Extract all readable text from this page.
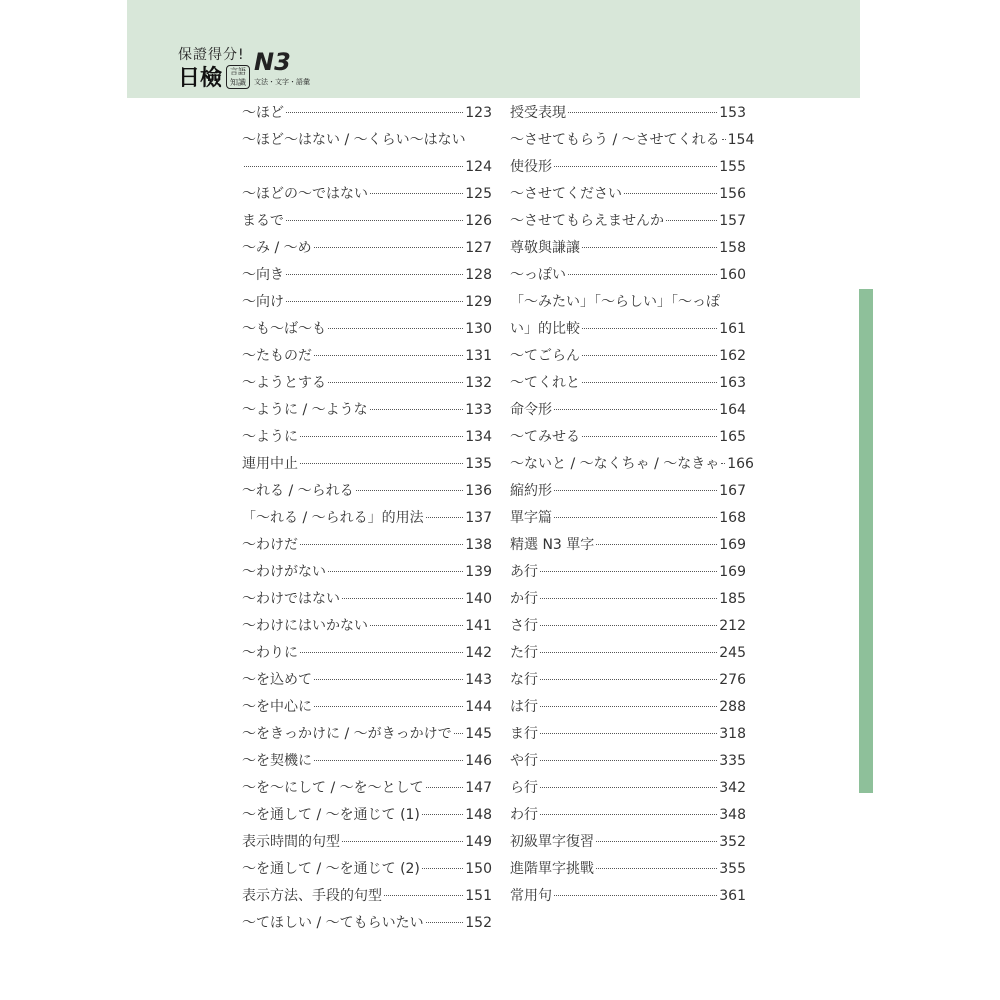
保證得分!
日檢 言語知識
N3
文法・文字・語彙
～ほど	123
～ほど～はない / ～くらい～はない
124
～ほどの～ではない	125
まるで	126
～み / ～め	127
～向き	128
～向け	129
～も～ば～も	130
～たものだ	131
～ようとする	132
～ように / ～ような	133
～ように	134
連用中止	135
～れる / ～られる	136
「～れる / ～られる」的用法	137
～わけだ	138
～わけがない	139
～わけではない	140
～わけにはいかない	141
～わりに	142
～を込めて	143
～を中心に	144
～をきっかけに / ～がきっかけで 145
～を契機に	146
～を～にして / ～を～として	147
～を通して / ～を通じて (1)	148
表示時間的句型	149
～を通して / ～を通じて (2)	150
表示方法、手段的句型	151
～てほしい / ～てもらいたい	152
授受表現	153
～させてもらう / ～させてくれる 154
使役形	155
～させてください	156
～させてもらえませんか	157
尊敬與謙讓	158
～っぽい	160
「～みたい」「～らしい」「～っぽ
い」的比較	161
～てごらん	162
～てくれと	163
命令形	164
～てみせる	165
～ないと / ～なくちゃ / ～なきゃ 166
縮約形	167
單字篇	168
精選 N3 單字	169
あ行	169
か行	185
さ行	212
た行	245
な行	276
は行	288
ま行	318
や行	335
ら行	342
わ行	348
初級單字復習	352
進階單字挑戰	355
常用句	361
